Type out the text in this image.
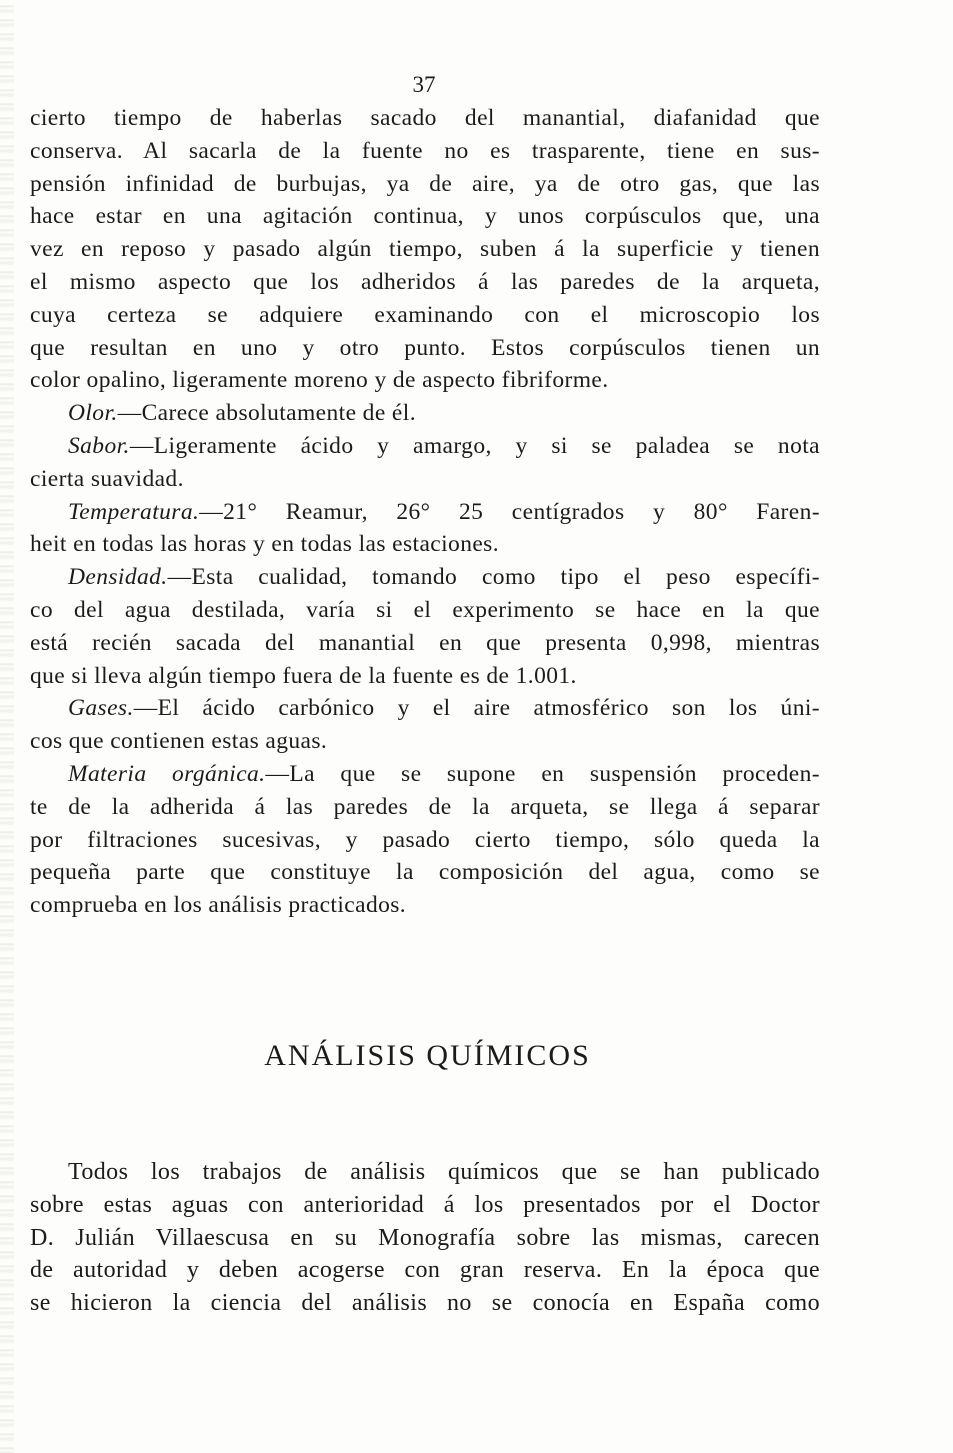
37
cierto tiempo de haberlas sacado del manantial, diafanidad que
conserva. Al sacarla de la fuente no es trasparente, tiene en sus-
pensión infinidad de burbujas, ya de aire, ya de otro gas, que las
hace estar en una agitación continua, y unos corpúsculos que, una
vez en reposo y pasado algún tiempo, suben á la superficie y tienen
el mismo aspecto que los adheridos á las paredes de la arqueta,
cuya certeza se adquiere examinando con el microscopio los
que resultan en uno y otro punto. Estos corpúsculos tienen un
color opalino, ligeramente moreno y de aspecto fibriforme.
Olor.—Carece absolutamente de él.
Sabor.—Ligeramente ácido y amargo, y si se paladea se nota
cierta suavidad.
Temperatura.—21° Reamur, 26° 25 centígrados y 80° Faren-
heit en todas las horas y en todas las estaciones.
Densidad.—Esta cualidad, tomando como tipo el peso específi-
co del agua destilada, varía si el experimento se hace en la que
está recién sacada del manantial en que presenta 0,998, mientras
que si lleva algún tiempo fuera de la fuente es de 1.001.
Gases.—El ácido carbónico y el aire atmosférico son los úni-
cos que contienen estas aguas.
Materia orgánica.—La que se supone en suspensión proceden-
te de la adherida á las paredes de la arqueta, se llega á separar
por filtraciones sucesivas, y pasado cierto tiempo, sólo queda la
pequeña parte que constituye la composición del agua, como se
comprueba en los análisis practicados.
ANÁLISIS QUÍMICOS
Todos los trabajos de análisis químicos que se han publicado
sobre estas aguas con anterioridad á los presentados por el Doctor
D. Julián Villaescusa en su Monografía sobre las mismas, carecen
de autoridad y deben acogerse con gran reserva. En la época que
se hicieron la ciencia del análisis no se conocía en España como
